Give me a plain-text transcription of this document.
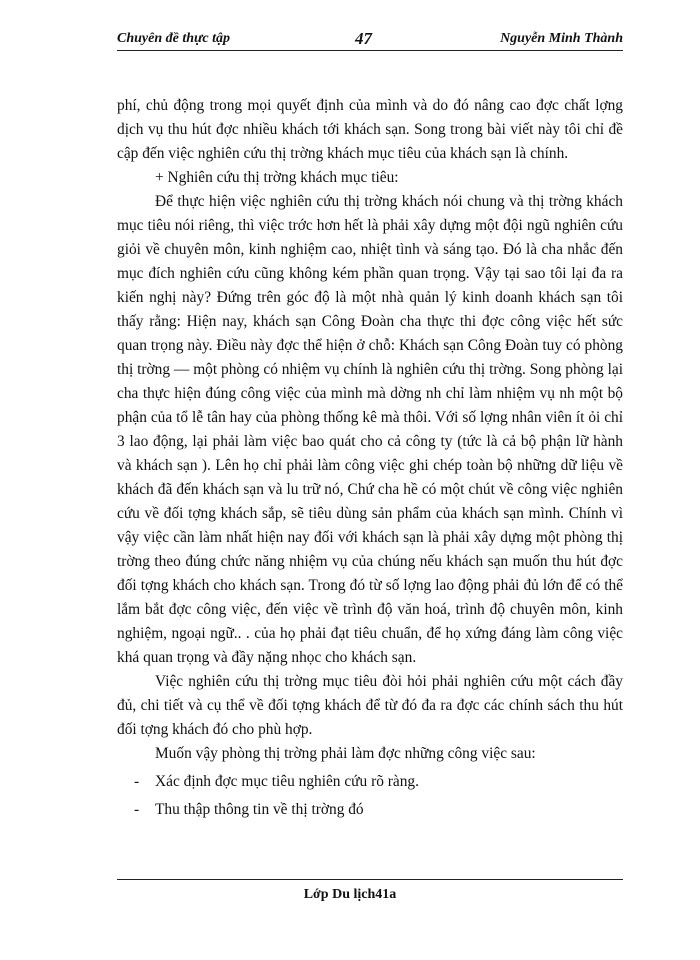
Chuyên đề thực tập	47	Nguyễn Minh Thành

phí, chủ động trong mọi quyết định của mình và do đó nâng cao đợc chất lợng dịch vụ thu hút đợc nhiều khách tới khách sạn. Song trong bài viết này tôi chỉ đề cập đến việc nghiên cứu thị trờng khách mục tiêu của khách sạn là chính.

+ Nghiên cứu thị trờng khách mục tiêu:

Để thực hiện việc nghiên cứu thị trờng khách nói chung và thị trờng khách mục tiêu nói riêng, thì việc trớc hơn hết là phải xây dựng một đội ngũ nghiên cứu giỏi về chuyên môn, kinh nghiệm cao, nhiệt tình và sáng tạo. Đó là cha nhắc đến mục đích nghiên cứu cũng không kém phần quan trọng. Vậy tại sao tôi lại đa ra kiến nghị này? Đứng trên góc độ là một nhà quản lý kinh doanh khách sạn tôi thấy rằng: Hiện nay, khách sạn Công Đoàn cha thực thi đợc công việc hết sức quan trọng này. Điều này đợc thể hiện ở chỗ: Khách sạn Công Đoàn tuy có phòng thị trờng — một phòng có nhiệm vụ chính là nghiên cứu thị trờng. Song phòng lại cha thực hiện đúng công việc của mình mà dờng nh chỉ làm nhiệm vụ nh một bộ phận của tổ lễ tân hay của phòng thống kê mà thôi. Với số lợng nhân viên ít ỏi chỉ 3 lao động, lại phải làm việc bao quát cho cả công ty (tức là cả bộ phận lữ hành và khách sạn ). Lên họ chỉ phải làm công việc ghi chép toàn bộ những dữ liệu về khách đã đến khách sạn và lu trữ nó, Chứ cha hề có một chút về công việc nghiên cứu về đối tợng khách sắp, sẽ tiêu dùng sản phẩm của khách sạn mình. Chính vì vậy việc cần làm nhất hiện nay đối với khách sạn là phải xây dựng một phòng thị trờng theo đúng chức năng nhiệm vụ của chúng nếu khách sạn muốn thu hút đợc đối tợng khách cho khách sạn. Trong đó từ số lợng lao động phải đủ lớn để có thể lắm bắt đợc công việc, đến việc về trình độ văn hoá, trình độ chuyên môn, kinh nghiệm, ngoại ngữ.. . của họ phải đạt tiêu chuẩn, để họ xứng đáng làm công việc khá quan trọng và đầy nặng nhọc cho khách sạn.

Việc nghiên cứu thị trờng mục tiêu đòi hỏi phải nghiên cứu một cách đầy đủ, chi tiết và cụ thể về đối tợng khách để từ đó đa ra đợc các chính sách thu hút đối tợng khách đó cho phù hợp.

Muốn vậy phòng thị trờng phải làm đợc những công việc sau:

- Xác định đợc mục tiêu nghiên cứu rõ ràng.

- Thu thập thông tin về thị trờng đó

Lớp Du lịch41a
